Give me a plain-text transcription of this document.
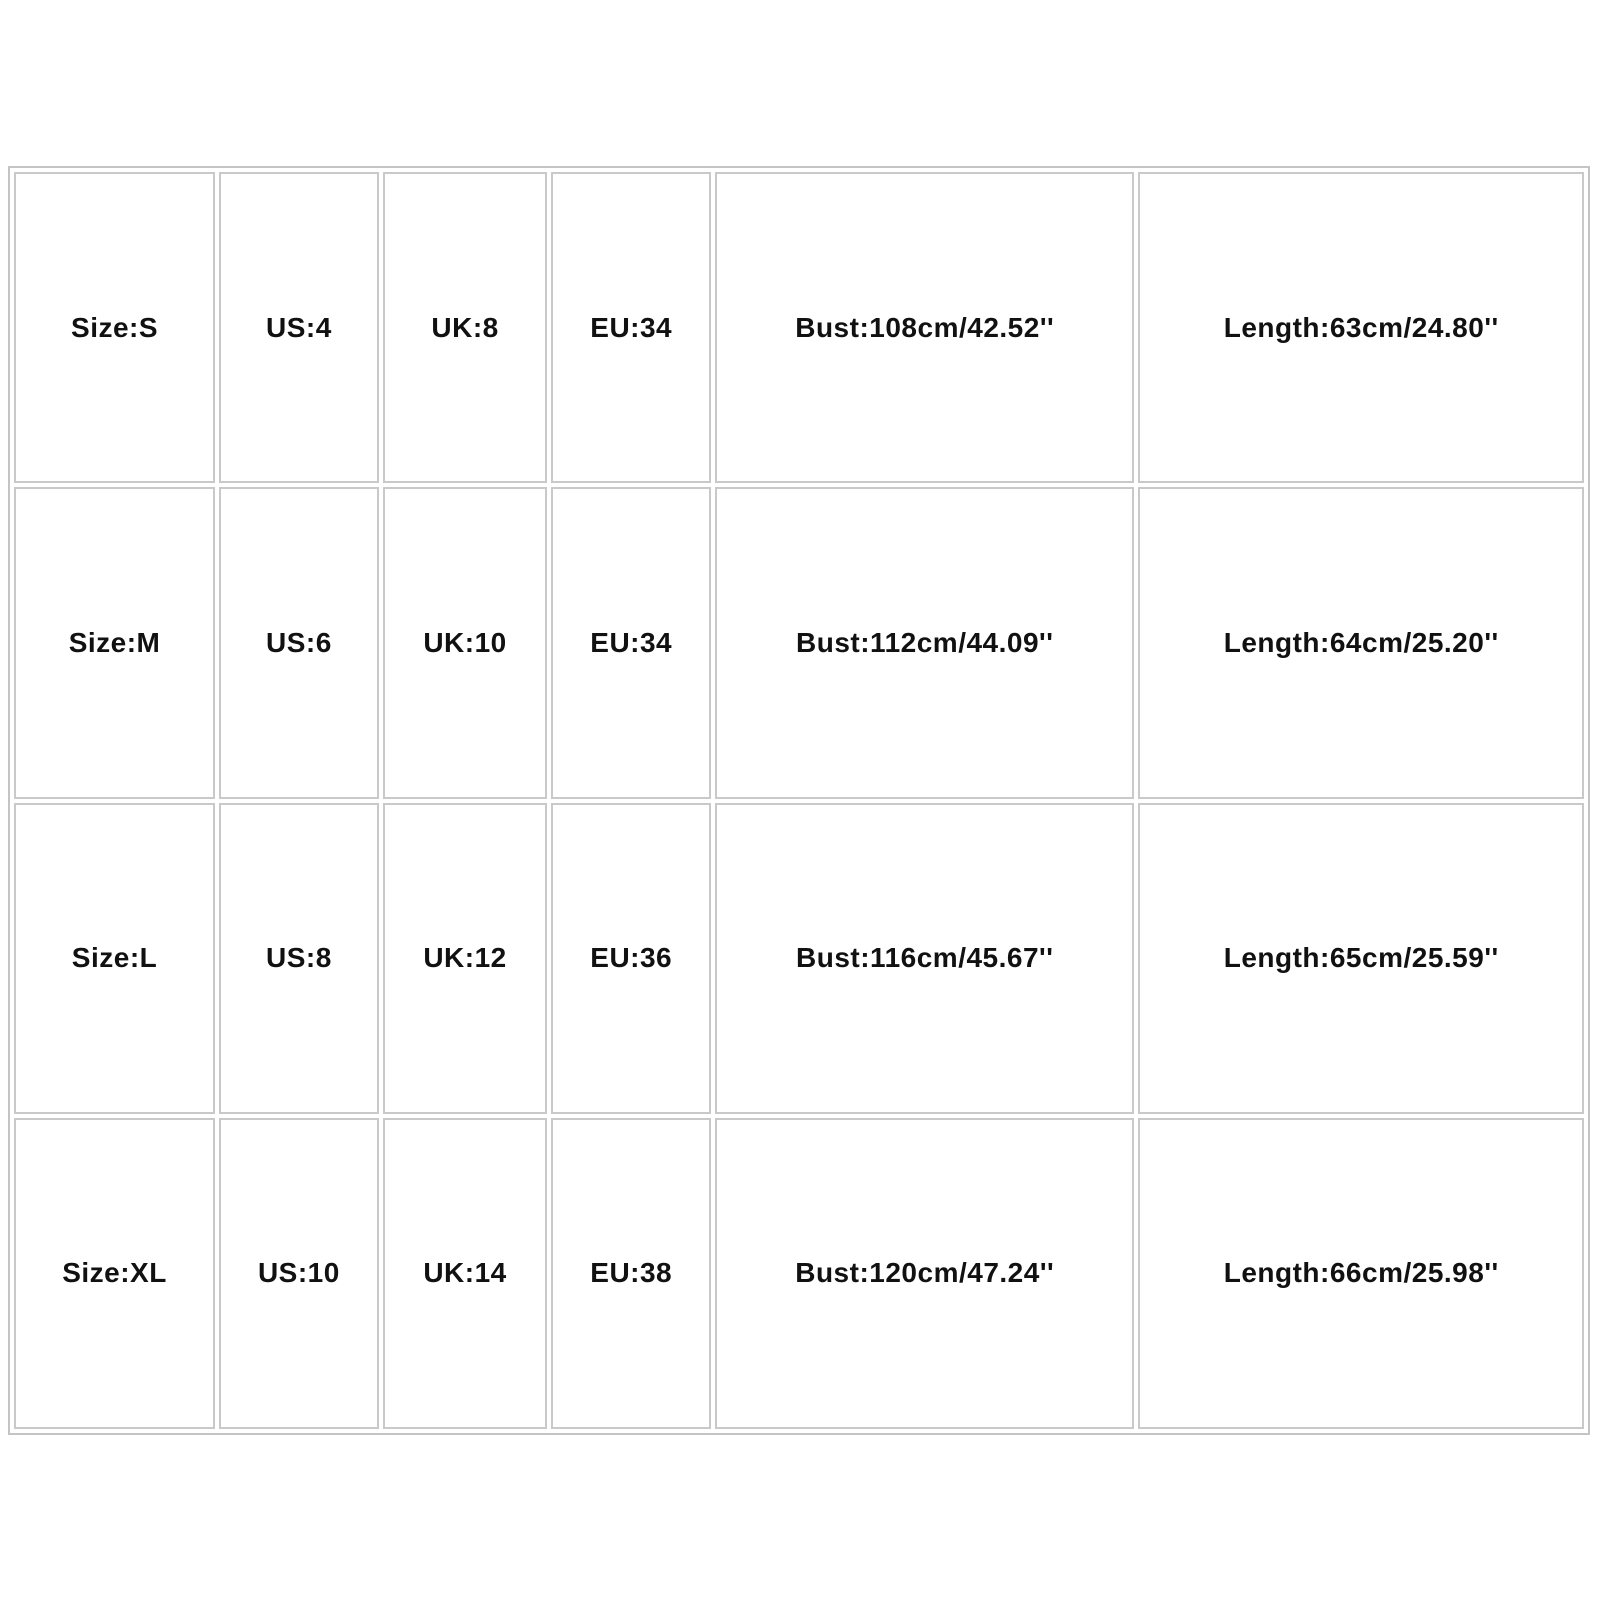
Size:S	US:4	UK:8	EU:34	Bust:108cm/42.52''	Length:63cm/24.80''
Size:M	US:6	UK:10	EU:34	Bust:112cm/44.09''	Length:64cm/25.20''
Size:L	US:8	UK:12	EU:36	Bust:116cm/45.67''	Length:65cm/25.59''
Size:XL	US:10	UK:14	EU:38	Bust:120cm/47.24''	Length:66cm/25.98''
